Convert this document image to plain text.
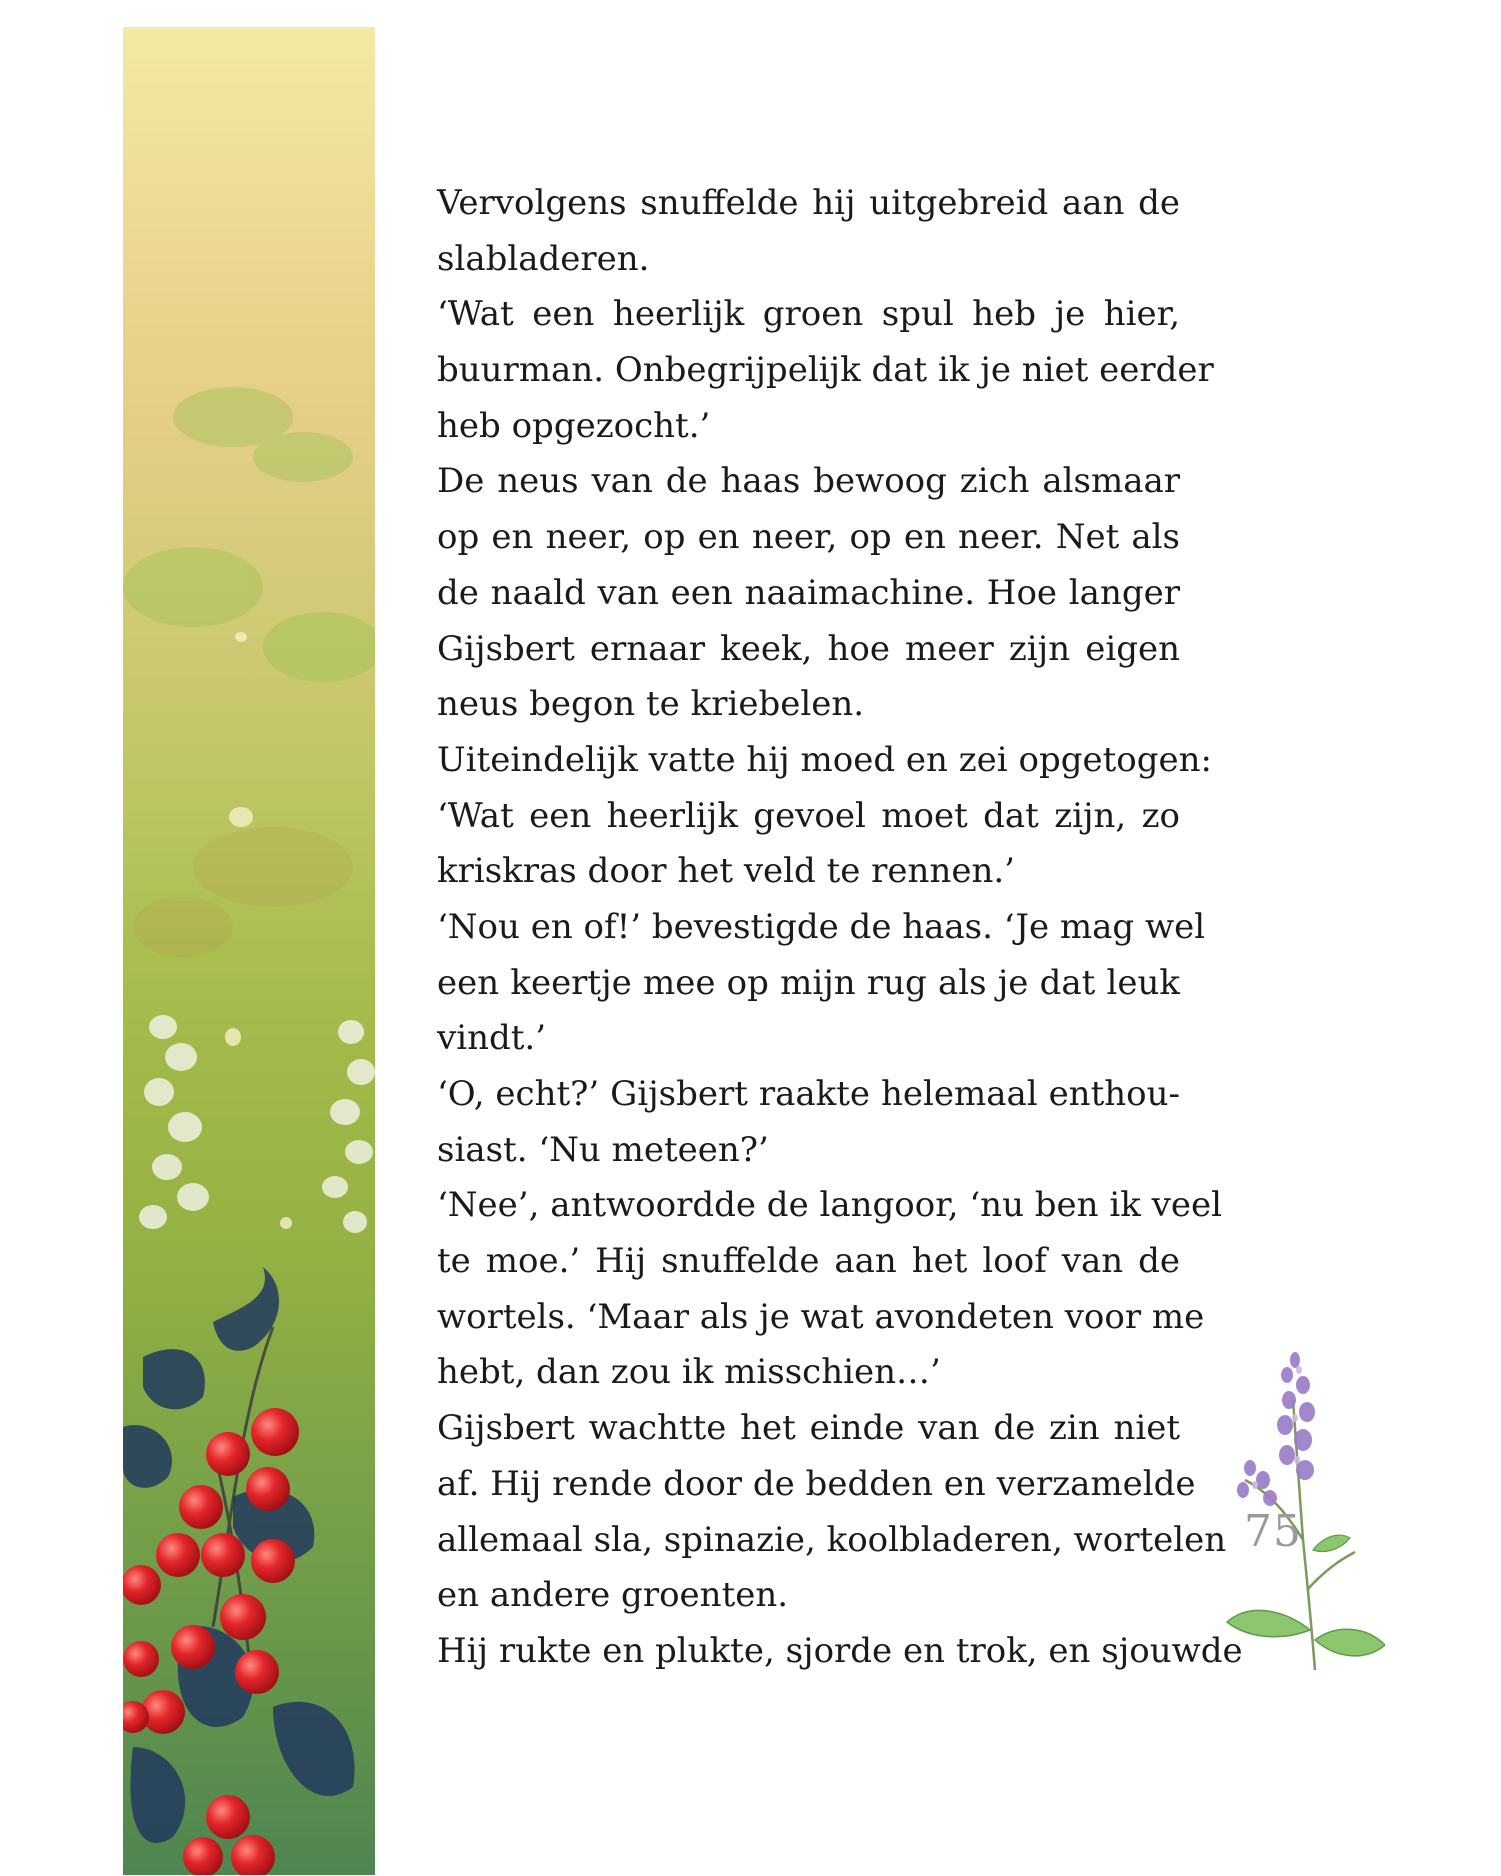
Vervolgens snuffelde hij uitgebreid aan de
slabladeren.
‘Wat een heerlijk groen spul heb je hier,
buurman. Onbegrijpelijk dat ik je niet eerder
heb opgezocht.’
De neus van de haas bewoog zich alsmaar
op en neer, op en neer, op en neer. Net als
de naald van een naaimachine. Hoe langer
Gijsbert ernaar keek, hoe meer zijn eigen
neus begon te kriebelen.
Uiteindelijk vatte hij moed en zei opgetogen:
‘Wat een heerlijk gevoel moet dat zijn, zo
kriskras door het veld te rennen.’
‘Nou en of!’ bevestigde de haas. ‘Je mag wel
een keertje mee op mijn rug als je dat leuk
vindt.’
‘O, echt?’ Gijsbert raakte helemaal enthou-
siast. ‘Nu meteen?’
‘Nee’, antwoordde de langoor, ‘nu ben ik veel
te moe.’ Hij snuffelde aan het loof van de
wortels. ‘Maar als je wat avondeten voor me
hebt, dan zou ik misschien…’
Gijsbert wachtte het einde van de zin niet
af. Hij rende door de bedden en verzamelde
allemaal sla, spinazie, koolbladeren, wortelen
en andere groenten.
Hij rukte en plukte, sjorde en trok, en sjouwde
75
